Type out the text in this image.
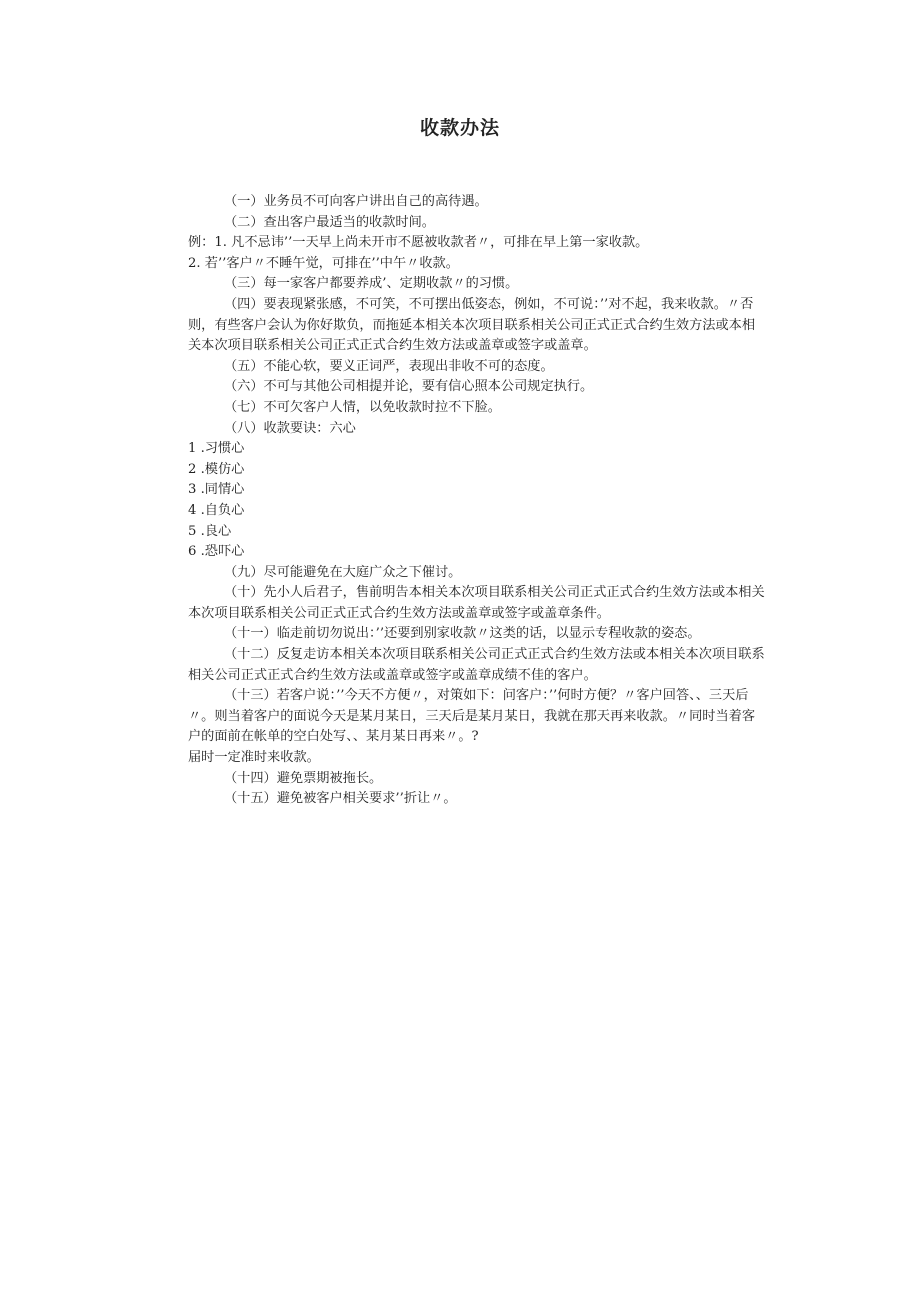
收款办法

（一）业务员不可向客户讲出自己的高待遇。

（二）查出客户最适当的收款时间。

例：1. 凡不忌讳’’一天早上尚未开市不愿被收款者〃，可排在早上第一家收款。

2. 若’’客户〃不睡午觉，可排在’’中午〃收款。

（三）每一家客户都要养成’、定期收款〃的习惯。

（四）要表现紧张感，不可笑，不可摆出低姿态，例如，不可说：’’对不起，我来收款。〃否则，有些客户会认为你好欺负，而拖延本相关本次项目联系相关公司正式正式合约生效方法或本相关本次项目联系相关公司正式正式合约生效方法或盖章或签字或盖章。

（五）不能心软，要义正词严，表现出非收不可的态度。

（六）不可与其他公司相提并论，要有信心照本公司规定执行。

（七）不可欠客户人情，以免收款时拉不下脸。

（八）收款要诀：六心

1 .习惯心

2 .模仿心

3 .同情心

4 .自负心

5 .良心

6 .恐吓心

（九）尽可能避免在大庭广众之下催讨。

（十）先小人后君子，售前明告本相关本次项目联系相关公司正式正式合约生效方法或本相关本次项目联系相关公司正式正式合约生效方法或盖章或签字或盖章条件。

（十一）临走前切勿说出：’’还要到别家收款〃这类的话，以显示专程收款的姿态。

（十二）反复走访本相关本次项目联系相关公司正式正式合约生效方法或本相关本次项目联系相关公司正式正式合约生效方法或盖章或签字或盖章成绩不佳的客户。

（十三）若客户说：’’今天不方便〃，对策如下：问客户：’’何时方便？〃客户回答、、三天后〃。则当着客户的面说今天是某月某日，三天后是某月某日，我就在那天再来收款。〃同时当着客户的面前在帐单的空白处写、、某月某日再来〃。?

届时一定准时来收款。

（十四）避免票期被拖长。

（十五）避免被客户相关要求’’折让〃。
